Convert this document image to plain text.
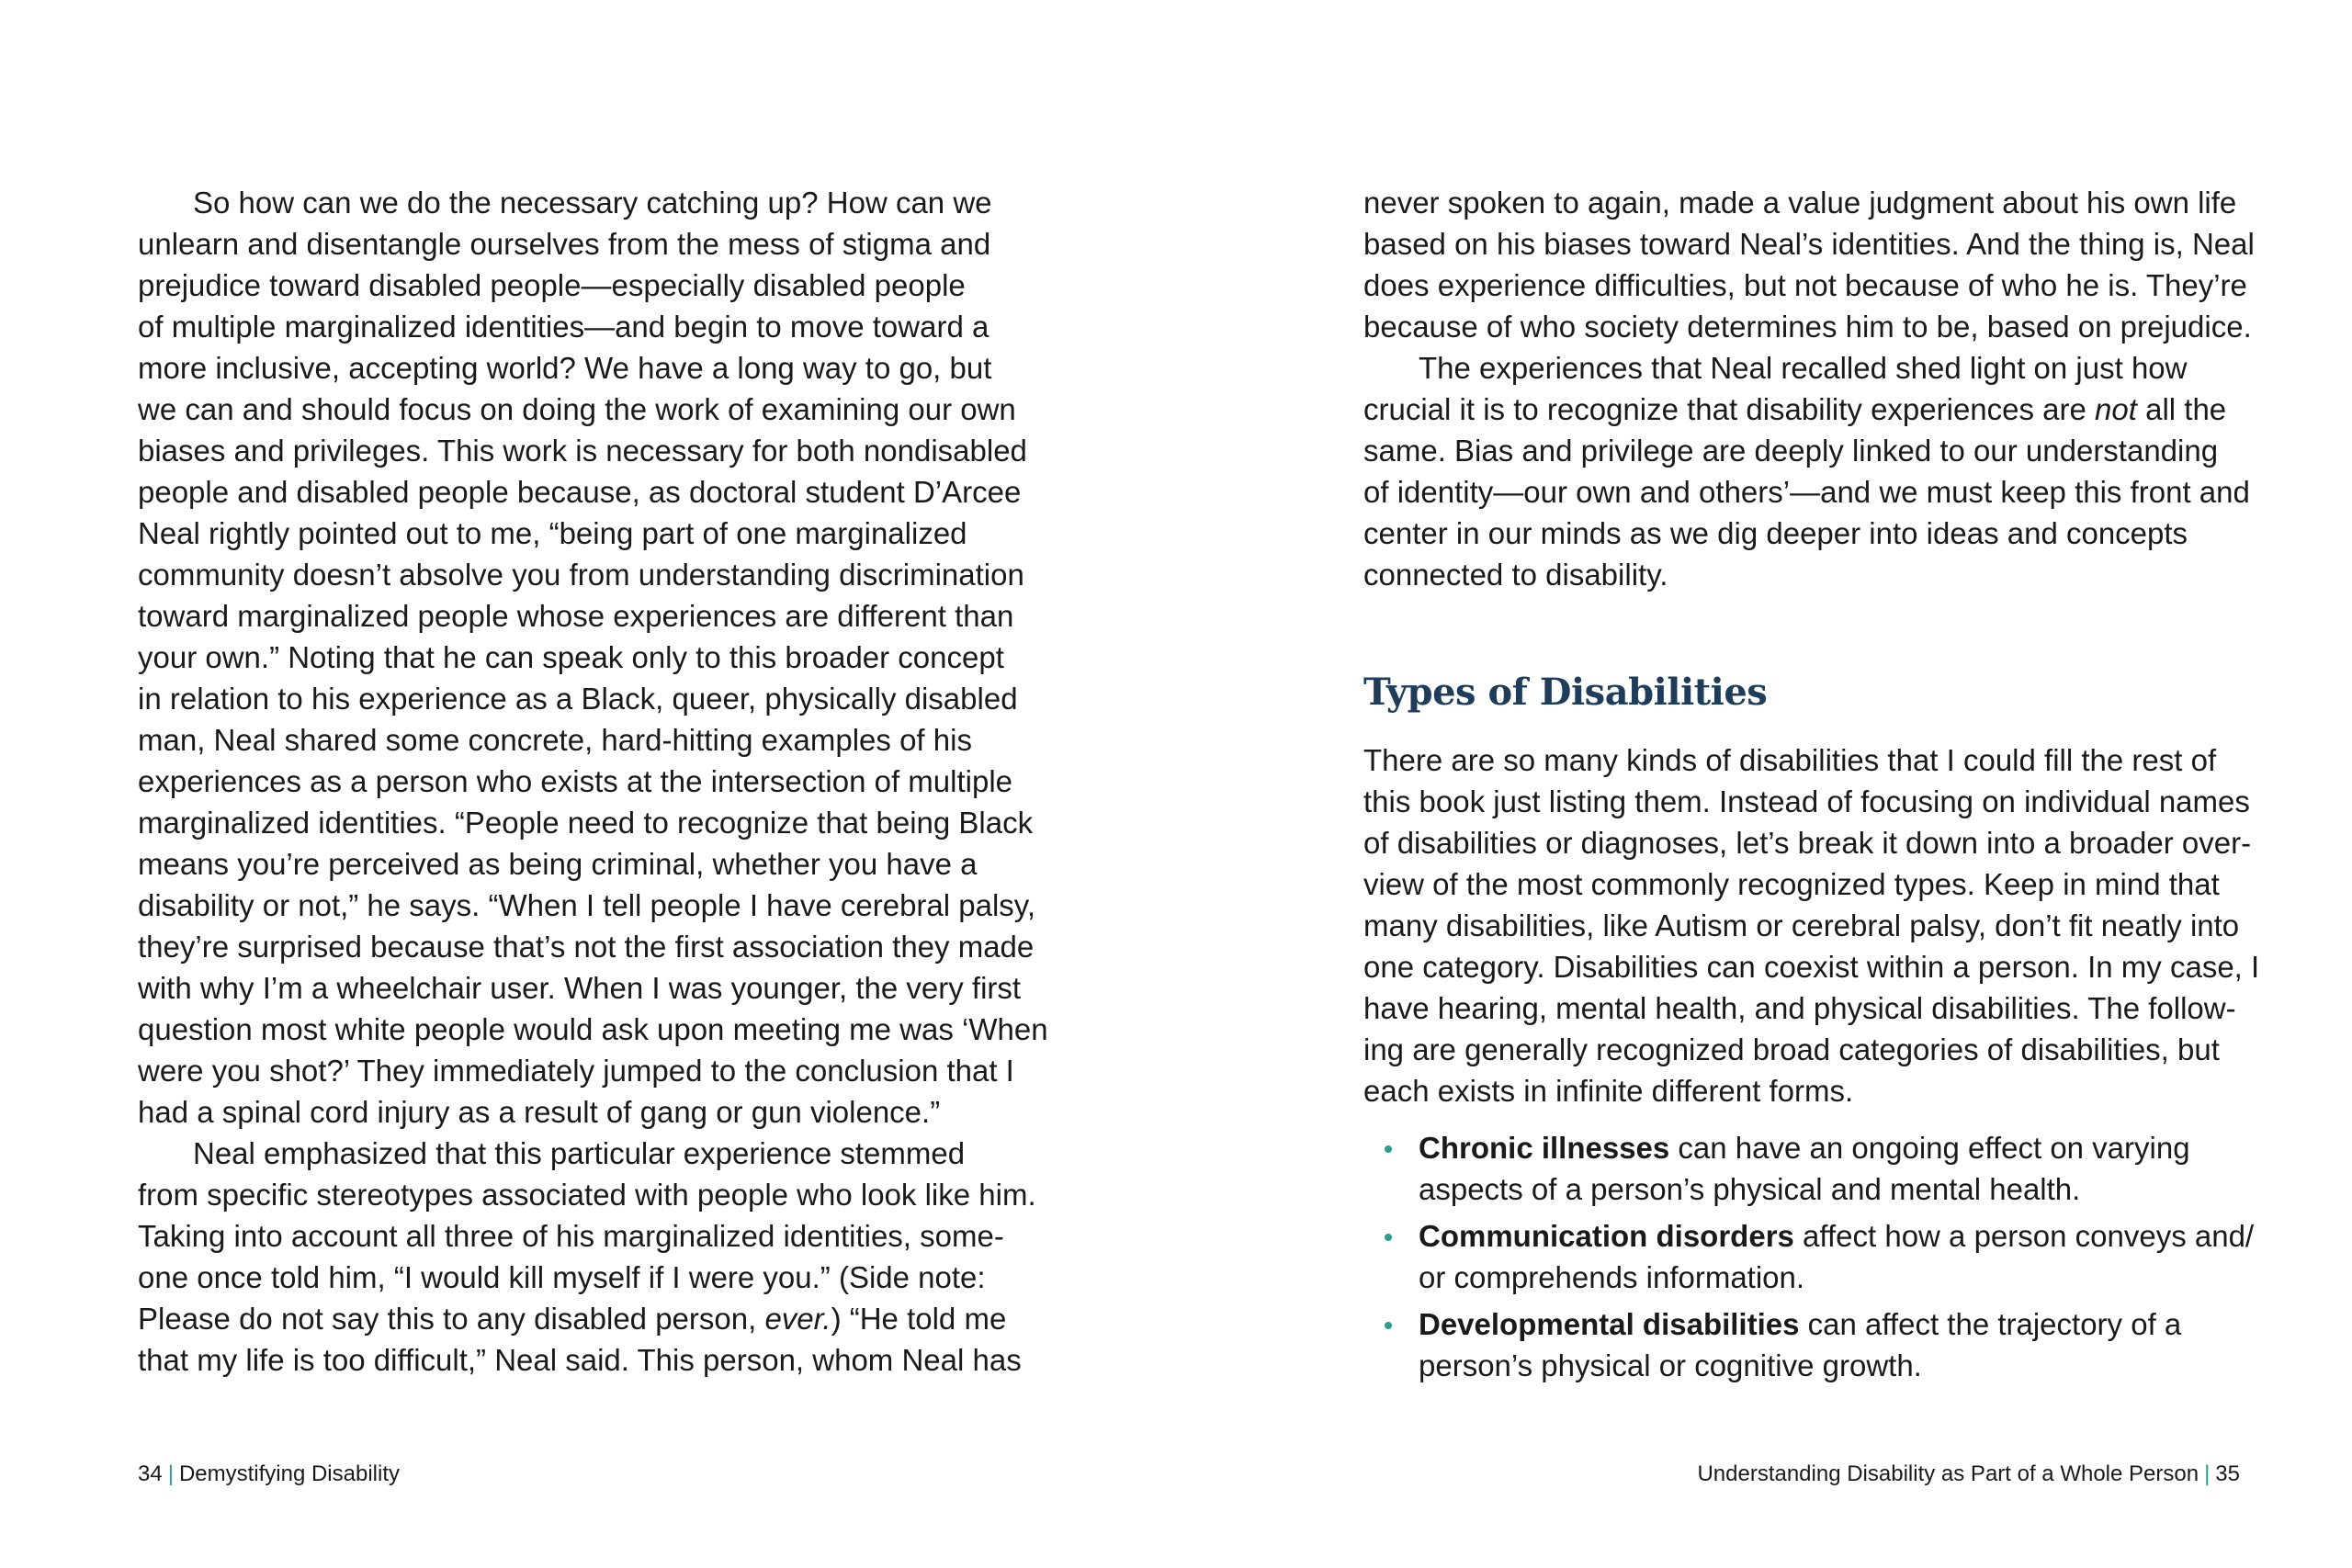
So how can we do the necessary catching up? How can we
unlearn and disentangle ourselves from the mess of stigma and
prejudice toward disabled people—especially disabled people
of multiple marginalized identities—and begin to move toward a
more inclusive, accepting world? We have a long way to go, but
we can and should focus on doing the work of examining our own
biases and privileges. This work is necessary for both nondisabled
people and disabled people because, as doctoral student D’Arcee
Neal rightly pointed out to me, “being part of one marginalized
community doesn’t absolve you from understanding discrimination
toward marginalized people whose experiences are different than
your own.” Noting that he can speak only to this broader concept
in relation to his experience as a Black, queer, physically disabled
man, Neal shared some concrete, hard-hitting examples of his
experiences as a person who exists at the intersection of multiple
marginalized identities. “People need to recognize that being Black
means you’re perceived as being criminal, whether you have a
disability or not,” he says. “When I tell people I have cerebral palsy,
they’re surprised because that’s not the first association they made
with why I’m a wheelchair user. When I was younger, the very first
question most white people would ask upon meeting me was ‘When
were you shot?’ They immediately jumped to the conclusion that I
had a spinal cord injury as a result of gang or gun violence.”
Neal emphasized that this particular experience stemmed
from specific stereotypes associated with people who look like him.
Taking into account all three of his marginalized identities, some-
one once told him, “I would kill myself if I were you.” (Side note:
Please do not say this to any disabled person, ever.) “He told me
that my life is too difficult,” Neal said. This person, whom Neal has
34 | Demystifying Disability
never spoken to again, made a value judgment about his own life
based on his biases toward Neal’s identities. And the thing is, Neal
does experience difficulties, but not because of who he is. They’re
because of who society determines him to be, based on prejudice.
The experiences that Neal recalled shed light on just how
crucial it is to recognize that disability experiences are not all the
same. Bias and privilege are deeply linked to our understanding
of identity—our own and others’—and we must keep this front and
center in our minds as we dig deeper into ideas and concepts
connected to disability.
Types of Disabilities
There are so many kinds of disabilities that I could fill the rest of
this book just listing them. Instead of focusing on individual names
of disabilities or diagnoses, let’s break it down into a broader over-
view of the most commonly recognized types. Keep in mind that
many disabilities, like Autism or cerebral palsy, don’t fit neatly into
one category. Disabilities can coexist within a person. In my case, I
have hearing, mental health, and physical disabilities. The follow-
ing are generally recognized broad categories of disabilities, but
each exists in infinite different forms.
Chronic illnesses can have an ongoing effect on varying
aspects of a person’s physical and mental health.
Communication disorders affect how a person conveys and/
or comprehends information.
Developmental disabilities can affect the trajectory of a
person’s physical or cognitive growth.
Understanding Disability as Part of a Whole Person | 35
